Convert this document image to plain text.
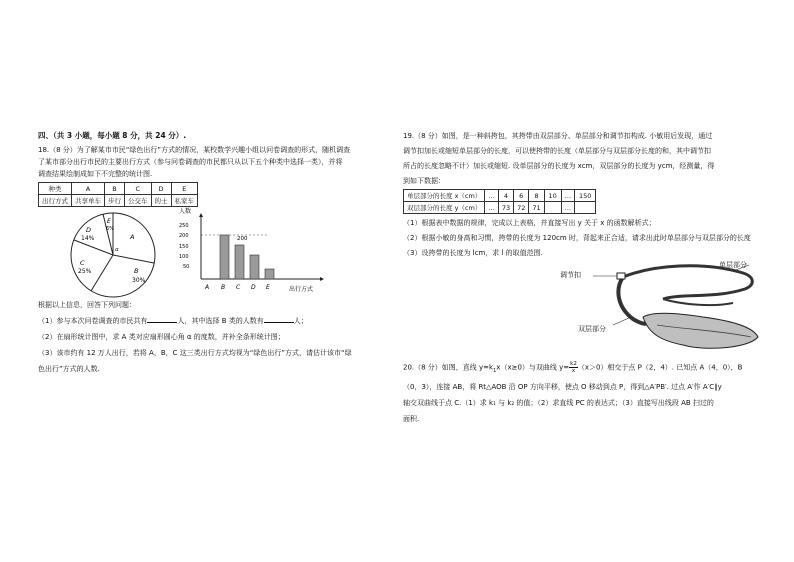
四、（共 3 小题，每小题 8 分，共 24 分）.
18.（8 分）为了解某市市民“绿色出行”方式的情况，某校数学兴趣小组以问卷调查的形式，随机调查
了某市部分出行市民的主要出行方式（参与问卷调查的市民都只从以下五个种类中选择一类），并将
调查结果绘制成如下不完整的统计图.
种类	A	B	C	D	E
出行方式	共享单车	步行	公交车	的士	私家车
E
6%
D
14%	A
α
C
25%	B
30%
人数
250
200
150
100
50
200
A B C D E	出行方式
根据以上信息，回答下列问题：
（1）参与本次问卷调查的市民共有	人，其中选择 B 类的人数有	人；
（2）在扇形统计图中，求 A 类对应扇形圆心角 α 的度数，并补全条形统计图；
（3）该市约有 12 万人出行，若将 A，B，C 这三类出行方式均视为“绿色出行”方式，请估计该市“绿
色出行”方式的人数.
19.（8 分）如图，是一种斜挎包，其挎带由双层部分、单层部分和调节扣构成. 小敏用后发现，通过
调节扣加长或缩短单层部分的长度，可以使挎带的长度（单层部分与双层部分长度的和，其中调节扣
所占的长度忽略不计）加长或缩短. 设单层部分的长度为 xcm，双层部分的长度为 ycm，经测量，得
到如下数据：
单层部分的长度 x（cm）	…	4	6	8	10	…	150
双层部分的长度 y（cm）	…	73	72	71		…	
（1）根据表中数据的规律，完成以上表格，并直接写出 y 关于 x 的函数解析式；
（2）根据小敏的身高和习惯，挎带的长度为 120cm 时，背起来正合适，请求出此时单层部分与双层部分的长度
（3）设挎带的长度为 lcm，求 l 的取值范围.
调节扣
单层部分
双层部分
20.（8 分）如图，直线 $y=k_1x(x\ge 0)$与双曲线 $y= \frac{k2}{x} (x>0)$相交于点 P（2，4）. 已知点 A（4，0），B
（0，3），连接 AB，将 Rt△AOB 沿 OP 方向平移，使点 O 移动到点 P，得到△A′PB′. 过点 A′作 A′C∥y
轴交双曲线于点 C.（1）求 k₁ 与 k₂ 的值；（2）求直线 PC 的表达式；（3）直接写出线段 AB 扫过的
面积.
